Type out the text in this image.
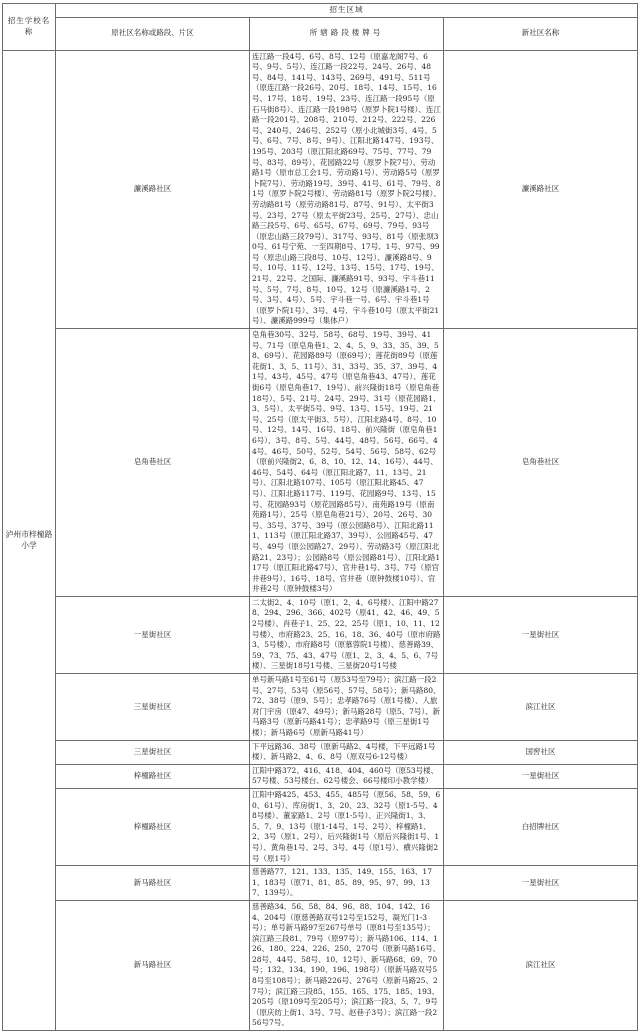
招生学校名称	招生区域		
	原社区名称或路段、片区	所辖路段楼牌号	新社区名称
泸州市梓橦路小学	濂溪路社区	连江路一段4号、6号、8号、12号（原嘉龙阁7号、6号、9号、5号）、连江路一段22号、24号、26号、48号、84号、141号、143号、269号、491号、511号（原连江路一段26号、20号、18号、14号、15号、16号、17号、18号、19号、23号、连江路一段95号（原石马街8号）、连江路一段198号（原罗卜院1号楼）、连江路一段201号、208号、210号、212号、222号、226号、240号、246号、252号（原小北城街3号、4号、5号、6号、7号、8号、9号）、江阳北路147号、193号、195号、203号（原江阳北路69号、75号、77号、79号、83号、89号）、花园路22号（原罗卜院7号）、劳动路1号（原市总工会1号、劳动路1号）、劳动路5号（原罗卜院7号）、劳动路19号、39号、41号、61号、79号、81号（原罗卜院2号楼）、劳动路81号（原罗卜院2号楼）、劳动路81号（原劳动路81号、87号、91号）、太平街3号、23号、27号（原太平街23号、25号、27号）、忠山路三段5号、6号、65号、67号、69号、79号、93号（原忠山路三段79号）、317号、93号、81号（原张坝30号、61号宁苑、一至四期8号、17号、1号、97号、99号（原忠山路三段8号、10号、12号）、濂溪路8号、9号、10号、11号、12号、13号、15号、17号、19号、21号、22号、之国际、濂溪路91号、93号、宇斗巷11号、5号、7号、8号、10号、12号（原濂溪路1号、2号、3号、4号）、5号、宇斗巷一号、6号、宇斗巷1号（原罗卜院1号）、3号、4号、宇斗巷10号（原太平街21号）、濂溪路999号（集体户）	濂溪路社区
	皂角巷社区	皂角巷30号、32号、58号、68号、19号、39号、41号、71号（原皂角巷1、2、4、5、9、33、35、39、58、69号）、花园路89号（原69号）；莲花街89号（原莲花街1、3、5、11号）、31、33号、35、37、39号、41号、43号、45号、47号（原皂角巷43、47号）、莲花街6号（原皂角巷17、19号）、前兴隆街18号（原皂角巷18号）、5号、21号、24号、29号、31号（原花园路1、3、5号）、太平街5号、9号、13号、15号、19号、21号、25号（原太平街3、5号）、江阳北路4号、8号、10号、12号、14号、16号、18号、前兴隆街（原皂角巷16号）、3号、8号、5号、44号、48号、56号、66号、44号、46号、50号、52号、54号、56号、58号、62号（原前兴隆街2、6、8、10、12、14、16号）、44号、46号、54号、64号（原江阳北路7、11、13号、21号）、江阳北路107号、105号（原江阳北路45、47号）、江阳北路117号、119号、花园路9号、13号、15号、花园路93号（原花园路85号）、南苑路19号（原南苑路1号）、25号（原皂角巷21号）、20号、26号、30号、35号、37号、39号（原公园路8号）、江阳北路111、113号（原江阳北路37、39号）、公园路45号、47号、49号（原公园路27、29号）、劳动路3号（原江阳北路21、23号）；公园路8号（原公园路81号）、江阳北路117号（原江阳北路47号）、官井巷1号、3号、7号（原官井巷9号）、16号、18号、官井巷（原钟鼓楼10号）、官井巷2号（原钟鼓楼3号）	皂角巷社区
	一星街社区	二太街2、4、10号（原1、2、4、6号楼）、江阳中路278、294、296、366、402号（原41、42、46、49、52号楼）、肖巷子1、25、22、25号（原1、10、11、12号楼）、市府路23、25、16、18、36、40号（原市府路3、5号楼）、市府路8号（原慕蓉院1号楼）、慈善路39、59、73、75、43、47号（原1、2、3、4、5、6、7号楼）、三星街18号1号楼、三星街20号1号楼	一星街社区
	三星街社区	单号新马路1号至61号（原53号至79号）；滨江路一段2号、27号、53号（原56号、57号、58号）；新马路80、72、38号（原9、5号）；忠孝路76号（原1号楼）、人旅对门宇房（原47、49号）；新马路28号（原5、7号）、新马路3号（原新马路41号）；忠孝路9号（原三星街1号楼）；新马路6号（原新马路41号）	滨江社区
	三星街社区	下平远路36、38号（原新马路2、4号楼，下平远路1号楼）、新马路2、4、6、8号（原双号6-12号楼）	国窖社区
	梓橦路社区	江阳中路372、416、418、404、460号（原53号楼、57号楼、53号楼台、62号楼会、66号楼印小教学楼）	一星街社区
	梓橦路社区	江阳中路425、453、455、485号（原56、58、59、60、61号）、库房街1、3、20、23、32号（原1-5号、48号楼）、董家路1、2号（原1-5号）、正兴隆街1、3、5、7、9、13号（原1-14号、1号、2号）、梓橦路1、2、3号（原1、2号）、后兴隆街1号（原后兴隆街1号、1号）、黄角巷1号、2号、3号、4号（原1号）、横兴隆街2号（原1号）	白招牌社区
	新马路社区	慈善路77、121、133、135、149、155、163、171、183号（原71、81、85、89、95、97、99、137、139号）。	一星街社区
	新马路社区	慈善路34、56、58、84、96、88、104、142、164、204号（原慈善路双号12号至152号，凝光门1-3号）；单号新马路97至267号单号（原81号至135号）；滨江路三段81、79号（原97号）；新马路106、114、126、180、224、226、250、270号（原新马路16号、28号、44号、58号、10、12号）、新马路68、69、70号；132、134、190、196、198号）（原新马路双号58号至108号）；新马路226号、276号（原新马路25、27号）；滨江路三段85、155、165、175、185、193、205号（原109号至205号）；滨江路一段3、5、7、9号（原庆纺上街1、3号、7号、赵巷子3号）；滨江路一段256号7号、	滨江社区
